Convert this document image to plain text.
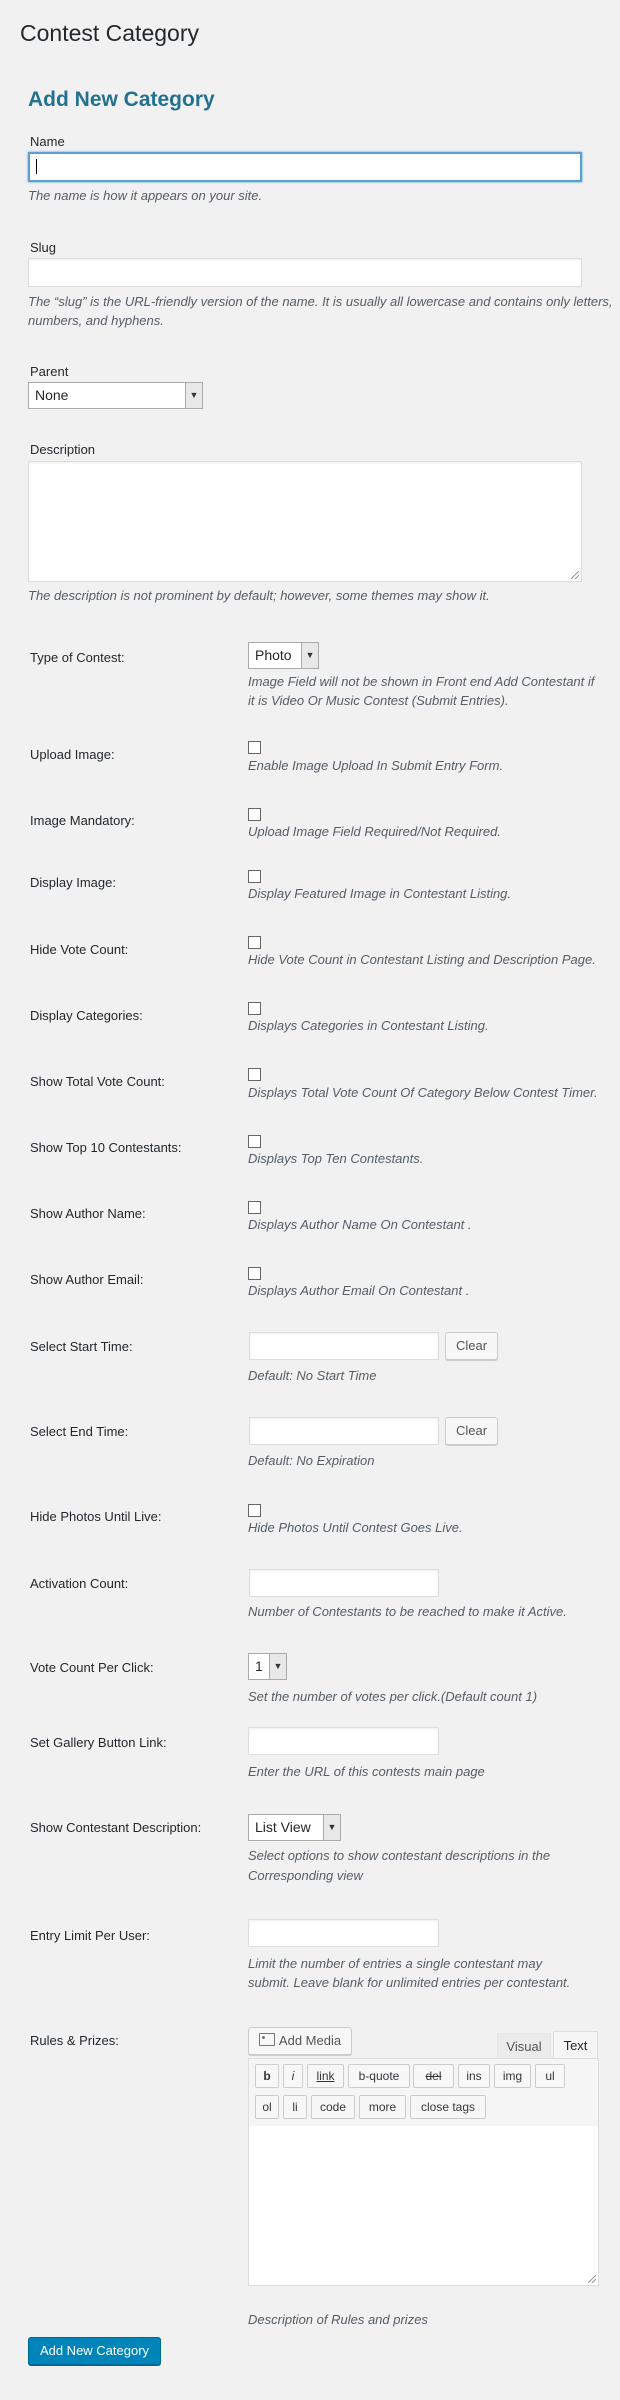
Contest Category
Add New Category
Name
The name is how it appears on your site.
Slug
The “slug” is the URL-friendly version of the name. It is usually all lowercase and contains only letters,
numbers, and hyphens.
Parent
None	▼
Description
The description is not prominent by default; however, some themes may show it.
Type of Contest:	Photo	▼
Image Field will not be shown in Front end Add Contestant if
it is Video Or Music Contest (Submit Entries).
Upload Image:
Enable Image Upload In Submit Entry Form.
Image Mandatory:
Upload Image Field Required/Not Required.
Display Image:
Display Featured Image in Contestant Listing.
Hide Vote Count:
Hide Vote Count in Contestant Listing and Description Page.
Display Categories:
Displays Categories in Contestant Listing.
Show Total Vote Count:
Displays Total Vote Count Of Category Below Contest Timer.
Show Top 10 Contestants:
Displays Top Ten Contestants.
Show Author Name:
Displays Author Name On Contestant .
Show Author Email:
Displays Author Email On Contestant .
Select Start Time:	Clear
Default: No Start Time
Select End Time:	Clear
Default: No Expiration
Hide Photos Until Live:
Hide Photos Until Contest Goes Live.
Activation Count:
Number of Contestants to be reached to make it Active.
Vote Count Per Click:	1	▼
Set the number of votes per click.(Default count 1)
Set Gallery Button Link:
Enter the URL of this contests main page
Show Contestant Description:	List View	▼
Select options to show contestant descriptions in the
Corresponding view
Entry Limit Per User:
Limit the number of entries a single contestant may
submit. Leave blank for unlimited entries per contestant.
Rules & Prizes:	Add Media	Visual	Text
b	i	link	b-quote	del	ins	img	ul
ol	li	code	more	close tags
Description of Rules and prizes
Add New Category
